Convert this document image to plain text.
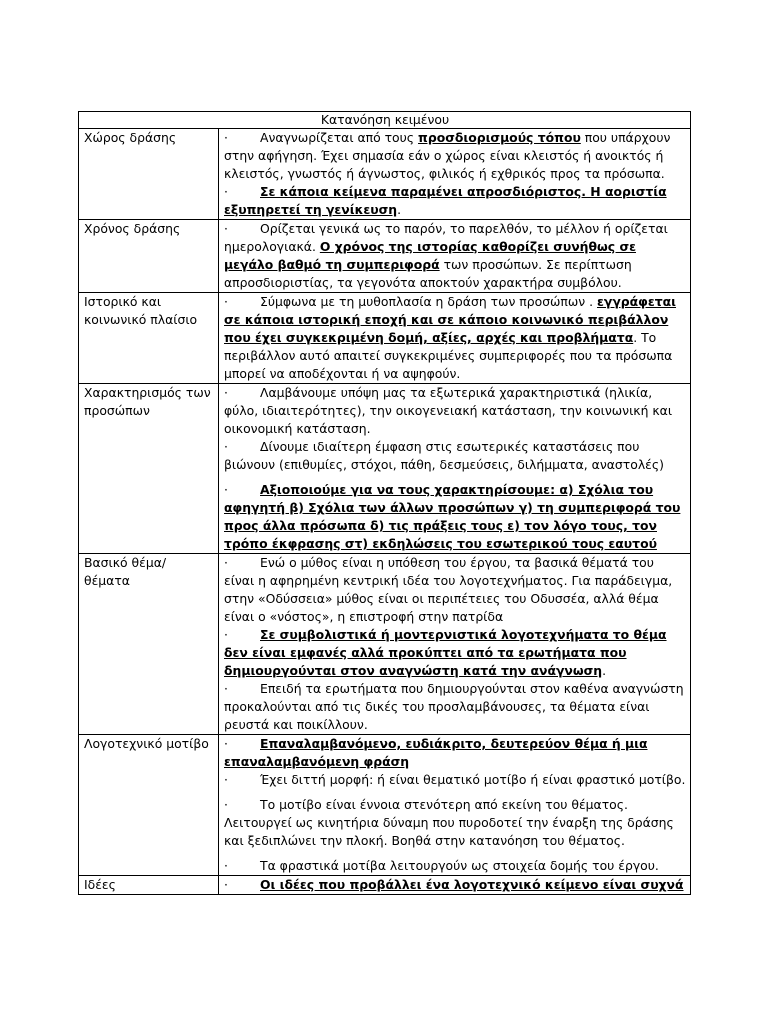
Κατανόηση κειμένου	
Χώρος δράσης	· Αναγνωρίζεται από τους προσδιορισμούς τόπου που υπάρχουν στην αφήγηση. Έχει σημασία εάν ο χώρος είναι κλειστός ή ανοικτός ή κλειστός, γνωστός ή άγνωστος, φιλικός ή εχθρικός προς τα πρόσωπα.

· Σε κάποια κείμενα παραμένει απροσδιόριστος. Η αοριστία εξυπηρετεί τη γενίκευση.

Χρόνος δράσης	· Ορίζεται γενικά ως το παρόν, το παρελθόν, το μέλλον ή ορίζεται ημερολογιακά. Ο χρόνος της ιστορίας καθορίζει συνήθως σε μεγάλο βαθμό τη συμπεριφορά των προσώπων. Σε περίπτωση απροσδιοριστίας, τα γεγονότα αποκτούν χαρακτήρα συμβόλου.

Ιστορικό και κοινωνικό πλαίσιο	· Σύμφωνα με τη μυθοπλασία η δράση των προσώπων . εγγράφεται σε κάποια ιστορική εποχή και σε κάποιο κοινωνικό περιβάλλον που έχει συγκεκριμένη δομή, αξίες, αρχές και προβλήματα. Το περιβάλλον αυτό απαιτεί συγκεκριμένες συμπεριφορές που τα πρόσωπα μπορεί να αποδέχονται ή να αψηφούν.

Χαρακτηρισμός των προσώπων	· Λαμβάνουμε υπόψη μας τα εξωτερικά χαρακτηριστικά (ηλικία, φύλο, ιδιαιτερότητες), την οικογενειακή κατάσταση, την κοινωνική και οικονομική κατάσταση.

· Δίνουμε ιδιαίτερη έμφαση στις εσωτερικές καταστάσεις που βιώνουν (επιθυμίες, στόχοι, πάθη, δεσμεύσεις, διλήμματα, αναστολές)

· Αξιοποιούμε για να τους χαρακτηρίσουμε: α) Σχόλια του αφηγητή β) Σχόλια των άλλων προσώπων γ) τη συμπεριφορά του προς άλλα πρόσωπα δ) τις πράξεις τους ε) τον λόγο τους, τον τρόπο έκφρασης στ) εκδηλώσεις του εσωτερικού τους εαυτού

Βασικό θέμα/ θέματα	· Ενώ ο μύθος είναι η υπόθεση του έργου, τα βασικά θέματά του είναι η αφηρημένη κεντρική ιδέα του λογοτεχνήματος. Για παράδειγμα, στην «Οδύσσεια» μύθος είναι οι περιπέτειες του Οδυσσέα, αλλά θέμα είναι ο «νόστος», η επιστροφή στην πατρίδα

· Σε συμβολιστικά ή μοντερνιστικά λογοτεχνήματα το θέμα δεν είναι εμφανές αλλά προκύπτει από τα ερωτήματα που δημιουργούνται στον αναγνώστη κατά την ανάγνωση.

· Επειδή τα ερωτήματα που δημιουργούνται στον καθένα αναγνώστη προκαλούνται από τις δικές του προσλαμβάνουσες, τα θέματα είναι ρευστά και ποικίλλουν.

Λογοτεχνικό μοτίβο	· Επαναλαμβανόμενο, ευδιάκριτο, δευτερεύον θέμα ή μια επαναλαμβανόμενη φράση

· Έχει διττή μορφή: ή είναι θεματικό μοτίβο ή είναι φραστικό μοτίβο.

· Το μοτίβο είναι έννοια στενότερη από εκείνη του θέματος. Λειτουργεί ως κινητήρια δύναμη που πυροδοτεί την έναρξη της δράσης και ξεδιπλώνει την πλοκή. Βοηθά στην κατανόηση του θέματος.

· Τα φραστικά μοτίβα λειτουργούν ως στοιχεία δομής του έργου.

Ιδέες	· Οι ιδέες που προβάλλει ένα λογοτεχνικό κείμενο είναι συχνά
